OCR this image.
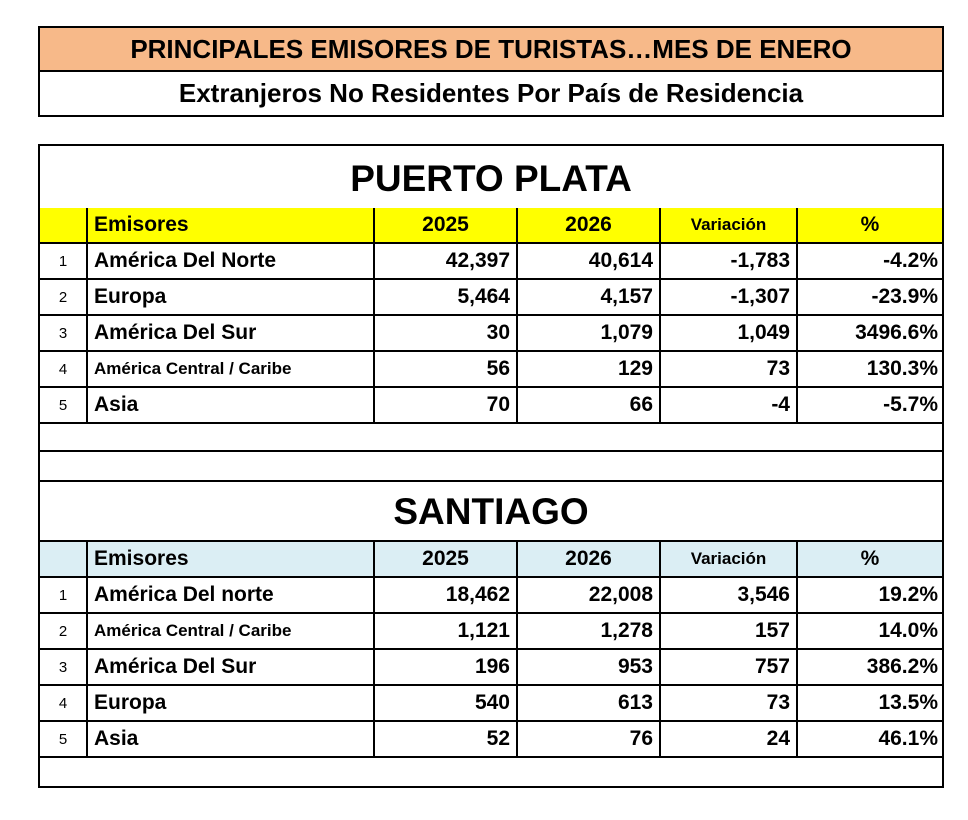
PRINCIPALES EMISORES DE TURISTAS…MES DE ENERO
Extranjeros No Residentes Por País de Residencia
PUERTO PLATA
Emisores	2025	2026	Variación	%
1	América Del Norte	42,397	40,614	-1,783	-4.2%
2	Europa	5,464	4,157	-1,307	-23.9%
3	América Del Sur	30	1,079	1,049	3496.6%
4	América Central / Caribe	56	129	73	130.3%
5	Asia	70	66	-4	-5.7%
SANTIAGO
Emisores	2025	2026	Variación	%
1	América Del norte	18,462	22,008	3,546	19.2%
2	América Central / Caribe	1,121	1,278	157	14.0%
3	América Del Sur	196	953	757	386.2%
4	Europa	540	613	73	13.5%
5	Asia	52	76	24	46.1%
